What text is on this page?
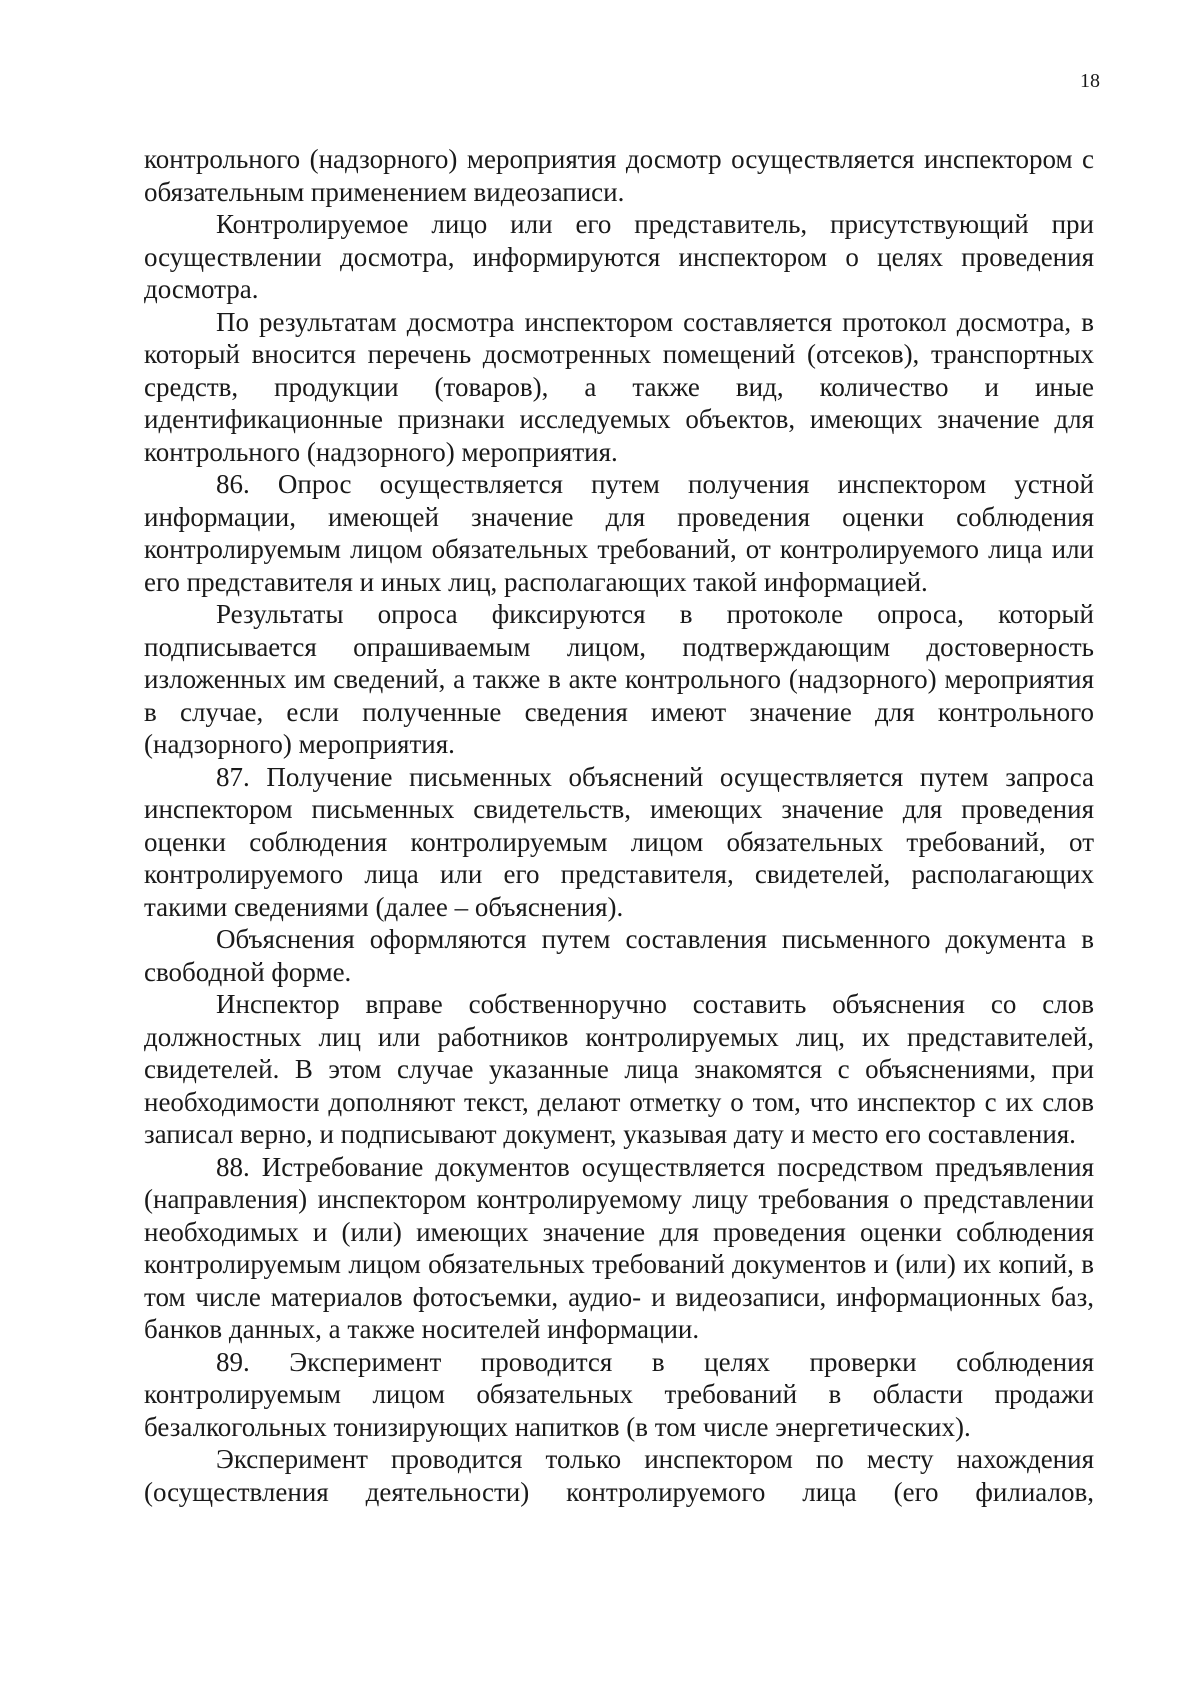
18

контрольного (надзорного) мероприятия досмотр осуществляется инспектором с обязательным применением видеозаписи.

Контролируемое лицо или его представитель, присутствующий при осуществлении досмотра, информируются инспектором о целях проведения досмотра.

По результатам досмотра инспектором составляется протокол досмотра, в который вносится перечень досмотренных помещений (отсеков), транспортных средств, продукции (товаров), а также вид, количество и иные идентификационные признаки исследуемых объектов, имеющих значение для контрольного (надзорного) мероприятия.

86. Опрос осуществляется путем получения инспектором устной информации, имеющей значение для проведения оценки соблюдения контролируемым лицом обязательных требований, от контролируемого лица или его представителя и иных лиц, располагающих такой информацией.

Результаты опроса фиксируются в протоколе опроса, который подписывается опрашиваемым лицом, подтверждающим достоверность изложенных им сведений, а также в акте контрольного (надзорного) мероприятия в случае, если полученные сведения имеют значение для контрольного (надзорного) мероприятия.

87. Получение письменных объяснений осуществляется путем запроса инспектором письменных свидетельств, имеющих значение для проведения оценки соблюдения контролируемым лицом обязательных требований, от контролируемого лица или его представителя, свидетелей, располагающих такими сведениями (далее – объяснения).

Объяснения оформляются путем составления письменного документа в свободной форме.

Инспектор вправе собственноручно составить объяснения со слов должностных лиц или работников контролируемых лиц, их представителей, свидетелей. В этом случае указанные лица знакомятся с объяснениями, при необходимости дополняют текст, делают отметку о том, что инспектор с их слов записал верно, и подписывают документ, указывая дату и место его составления.

88. Истребование документов осуществляется посредством предъявления (направления) инспектором контролируемому лицу требования о представлении необходимых и (или) имеющих значение для проведения оценки соблюдения контролируемым лицом обязательных требований документов и (или) их копий, в том числе материалов фотосъемки, аудио- и видеозаписи, информационных баз, банков данных, а также носителей информации.

89. Эксперимент проводится в целях проверки соблюдения контролируемым лицом обязательных требований в области продажи безалкогольных тонизирующих напитков (в том числе энергетических).

Эксперимент проводится только инспектором по месту нахождения (осуществления деятельности) контролируемого лица (его филиалов,
